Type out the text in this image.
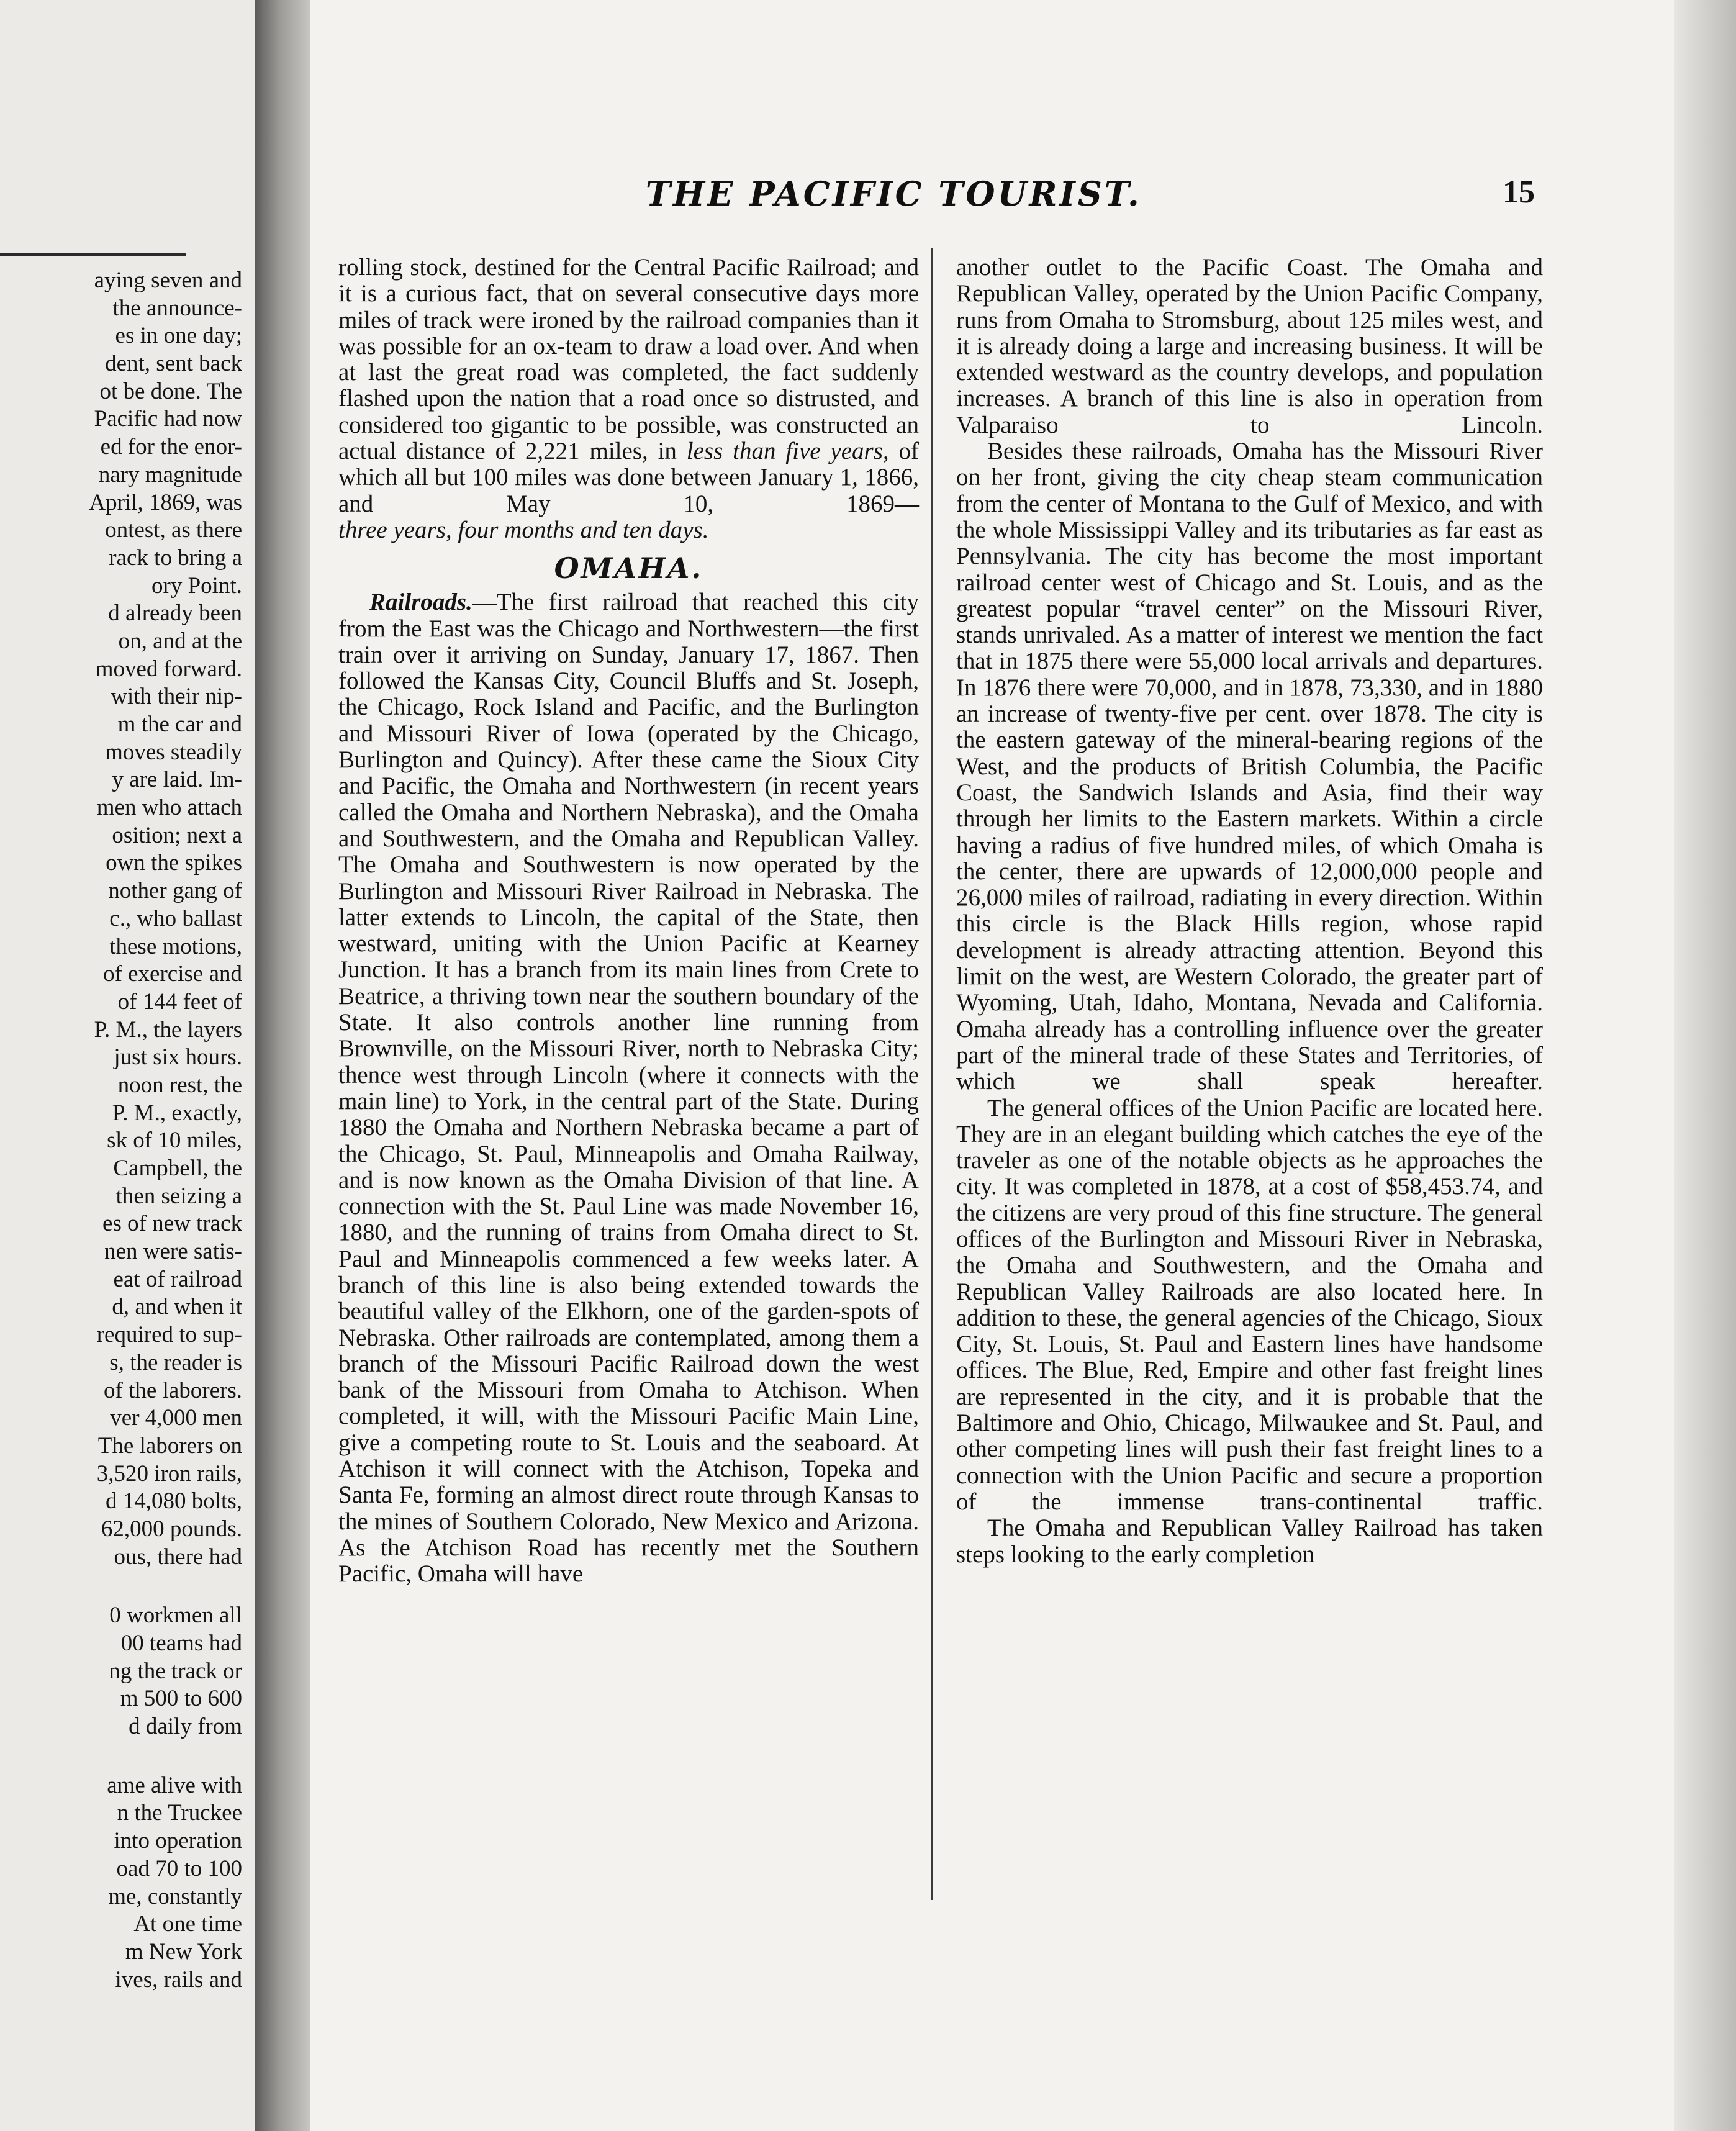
aying seven and
the announce-
es in one day;
dent, sent back
ot be done. The
Pacific had now
ed for the enor-
nary magnitude
April, 1869, was
ontest, as there
rack to bring a
ory Point.
d already been
on, and at the
moved forward.
with their nip-
m the car and
moves steadily
y are laid. Im-
men who attach
osition; next a
own the spikes
nother gang of
c., who ballast
these motions,
of exercise and
of 144 feet of
P. M., the layers
just six hours.
noon rest, the
P. M., exactly,
sk of 10 miles,
Campbell, the
then seizing a
es of new track
nen were satis-
eat of railroad
d, and when it
required to sup-
s, the reader is
of the laborers.
ver 4,000 men
The laborers on
3,520 iron rails,
d 14,080 bolts,
62,000 pounds.
ous, there had
0 workmen all
00 teams had
ng the track or
m 500 to 600
d daily from
ame alive with
n the Truckee
into operation
oad 70 to 100
me, constantly
At one time
m New York
ives, rails and
THE PACIFIC TOURIST.	15

rolling stock, destined for the Central Pacific Railroad; and it is a curious fact, that on several consecutive days more miles of track were ironed by the railroad companies than it was possible for an ox-team to draw a load over. And when at last the great road was completed, the fact suddenly flashed upon the nation that a road once so distrusted, and considered too gigantic to be possible, was constructed an actual distance of 2,221 miles, in less than five years, of which all but 100 miles was done between January 1, 1866, and May 10, 1869—

three years, four months and ten days.

OMAHA.

Railroads.—The first railroad that reached this city from the East was the Chicago and Northwestern—the first train over it arriving on Sunday, January 17, 1867. Then followed the Kansas City, Council Bluffs and St. Joseph, the Chicago, Rock Island and Pacific, and the Burlington and Missouri River of Iowa (operated by the Chicago, Burlington and Quincy). After these came the Sioux City and Pacific, the Omaha and Northwestern (in recent years called the Omaha and Northern Nebraska), and the Omaha and Southwestern, and the Omaha and Republican Valley. The Omaha and Southwestern is now operated by the Burlington and Missouri River Railroad in Nebraska. The latter extends to Lincoln, the capital of the State, then westward, uniting with the Union Pacific at Kearney Junction. It has a branch from its main lines from Crete to Beatrice, a thriving town near the southern boundary of the State. It also controls another line running from Brownville, on the Missouri River, north to Nebraska City; thence west through Lincoln (where it connects with the main line) to York, in the central part of the State. During 1880 the Omaha and Northern Nebraska became a part of the Chicago, St. Paul, Minneapolis and Omaha Railway, and is now known as the Omaha Division of that line. A connection with the St. Paul Line was made November 16, 1880, and the running of trains from Omaha direct to St. Paul and Minneapolis commenced a few weeks later. A branch of this line is also being extended towards the beautiful valley of the Elkhorn, one of the garden-spots of Nebraska. Other railroads are contemplated, among them a branch of the Missouri Pacific Railroad down the west bank of the Missouri from Omaha to Atchison. When completed, it will, with the Missouri Pacific Main Line, give a competing route to St. Louis and the seaboard. At Atchison it will connect with the Atchison, Topeka and Santa Fe, forming an almost direct route through Kansas to the mines of Southern Colorado, New Mexico and Arizona. As the Atchison Road has recently met the Southern Pacific, Omaha will have

another outlet to the Pacific Coast. The Omaha and Republican Valley, operated by the Union Pacific Company, runs from Omaha to Stromsburg, about 125 miles west, and it is already doing a large and increasing business. It will be extended westward as the country develops, and population increases. A branch of this line is also in operation from Valparaiso to Lincoln.

Besides these railroads, Omaha has the Missouri River on her front, giving the city cheap steam communication from the center of Montana to the Gulf of Mexico, and with the whole Mississippi Valley and its tributaries as far east as Pennsylvania. The city has become the most important railroad center west of Chicago and St. Louis, and as the greatest popular “travel center” on the Missouri River, stands unrivaled. As a matter of interest we mention the fact that in 1875 there were 55,000 local arrivals and departures. In 1876 there were 70,000, and in 1878, 73,330, and in 1880 an increase of twenty-five per cent. over 1878. The city is the eastern gateway of the mineral-bearing regions of the West, and the products of British Columbia, the Pacific Coast, the Sandwich Islands and Asia, find their way through her limits to the Eastern markets. Within a circle having a radius of five hundred miles, of which Omaha is the center, there are upwards of 12,000,000 people and 26,000 miles of railroad, radiating in every direction. Within this circle is the Black Hills region, whose rapid development is already attracting attention. Beyond this limit on the west, are Western Colorado, the greater part of Wyoming, Utah, Idaho, Montana, Nevada and California. Omaha already has a controlling influence over the greater part of the mineral trade of these States and Territories, of which we shall speak hereafter.

The general offices of the Union Pacific are located here. They are in an elegant building which catches the eye of the traveler as one of the notable objects as he approaches the city. It was completed in 1878, at a cost of $58,453.74, and the citizens are very proud of this fine structure. The general offices of the Burlington and Missouri River in Nebraska, the Omaha and Southwestern, and the Omaha and Republican Valley Railroads are also located here. In addition to these, the general agencies of the Chicago, Sioux City, St. Louis, St. Paul and Eastern lines have handsome offices. The Blue, Red, Empire and other fast freight lines are represented in the city, and it is probable that the Baltimore and Ohio, Chicago, Milwaukee and St. Paul, and other competing lines will push their fast freight lines to a connection with the Union Pacific and secure a proportion of the immense trans-continental traffic.

The Omaha and Republican Valley Railroad has taken steps looking to the early completion
